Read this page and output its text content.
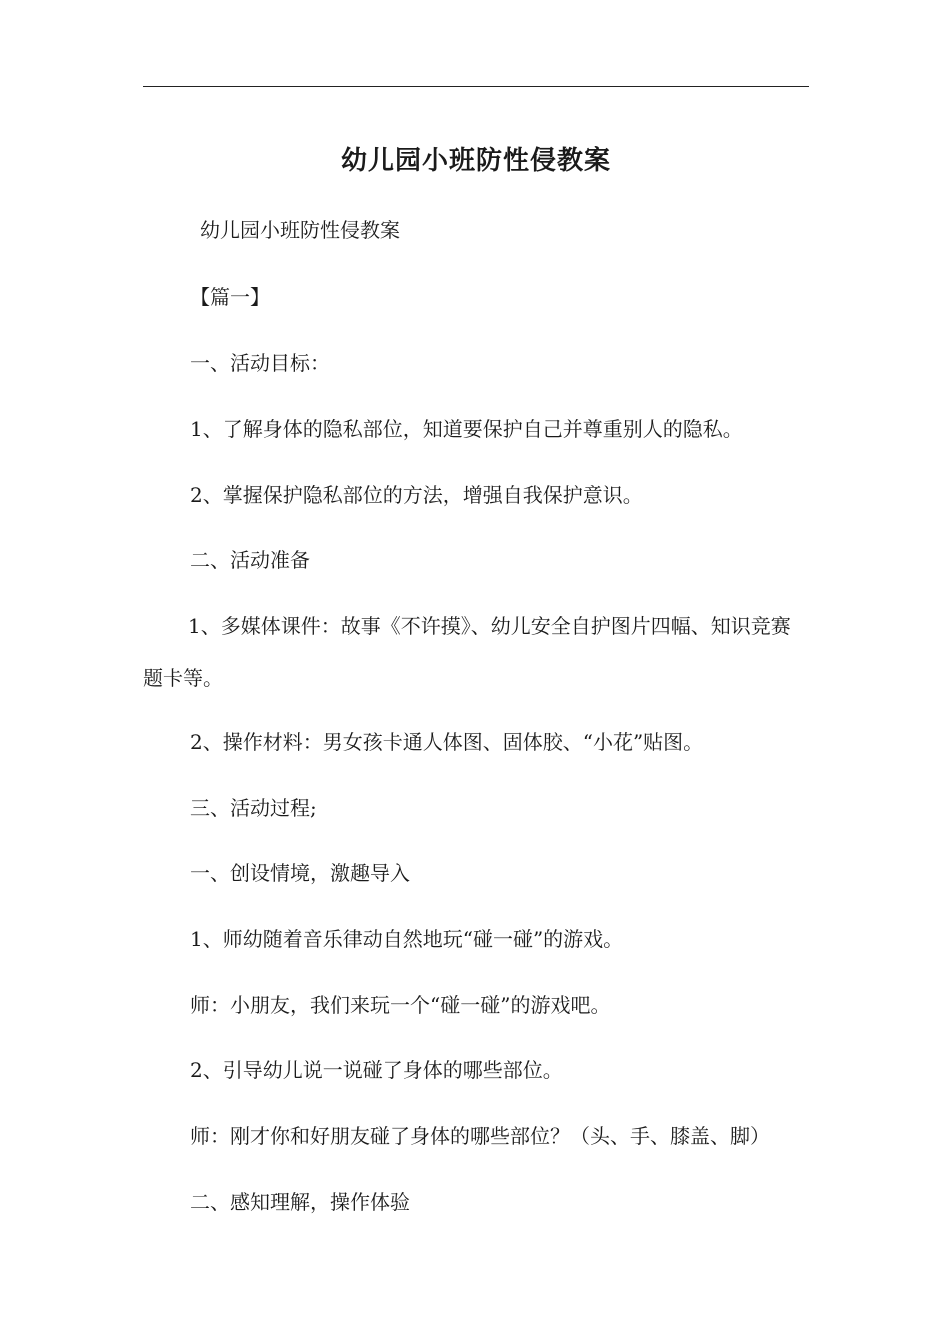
幼儿园小班防性侵教案

幼儿园小班防性侵教案

【篇一】

一、活动目标：

1、了解身体的隐私部位，知道要保护自己并尊重别人的隐私。

2、掌握保护隐私部位的方法，增强自我保护意识。

二、活动准备

1、多媒体课件：故事《不许摸》、幼儿安全自护图片四幅、知识竞赛题卡等。

2、操作材料：男女孩卡通人体图、固体胶、“小花”贴图。

三、活动过程;

一、创设情境，激趣导入

1、师幼随着音乐律动自然地玩“碰一碰”的游戏。

师：小朋友，我们来玩一个“碰一碰”的游戏吧。

2、引导幼儿说一说碰了身体的哪些部位。

师：刚才你和好朋友碰了身体的哪些部位？（头、手、膝盖、脚）

二、感知理解，操作体验
